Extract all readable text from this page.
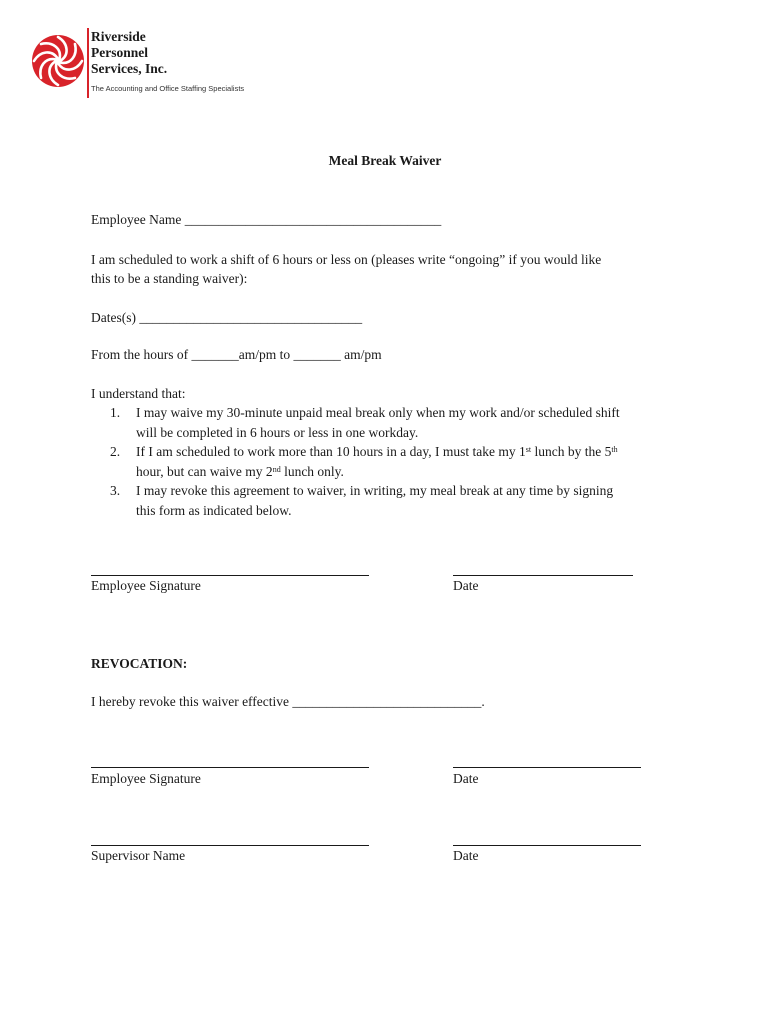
Riverside
Personnel
Services, Inc.
The Accounting and Office Staffing Specialists
Meal Break Waiver
Employee Name ______________________________________
I am scheduled to work a shift of 6 hours or less on (pleases write “ongoing” if you would like
this to be a standing waiver):
Dates(s) _________________________________
From the hours of _______am/pm to _______ am/pm
I understand that:
1. I may waive my 30-minute unpaid meal break only when my work and/or scheduled shift
will be completed in 6 hours or less in one workday.
2. If I am scheduled to work more than 10 hours in a day, I must take my 1st lunch by the 5th
hour, but can waive my 2nd lunch only.
3. I may revoke this agreement to waiver, in writing, my meal break at any time by signing
this form as indicated below.
Employee Signature	Date
REVOCATION:
I hereby revoke this waiver effective ____________________________.
Employee Signature	Date
Supervisor Name	Date
